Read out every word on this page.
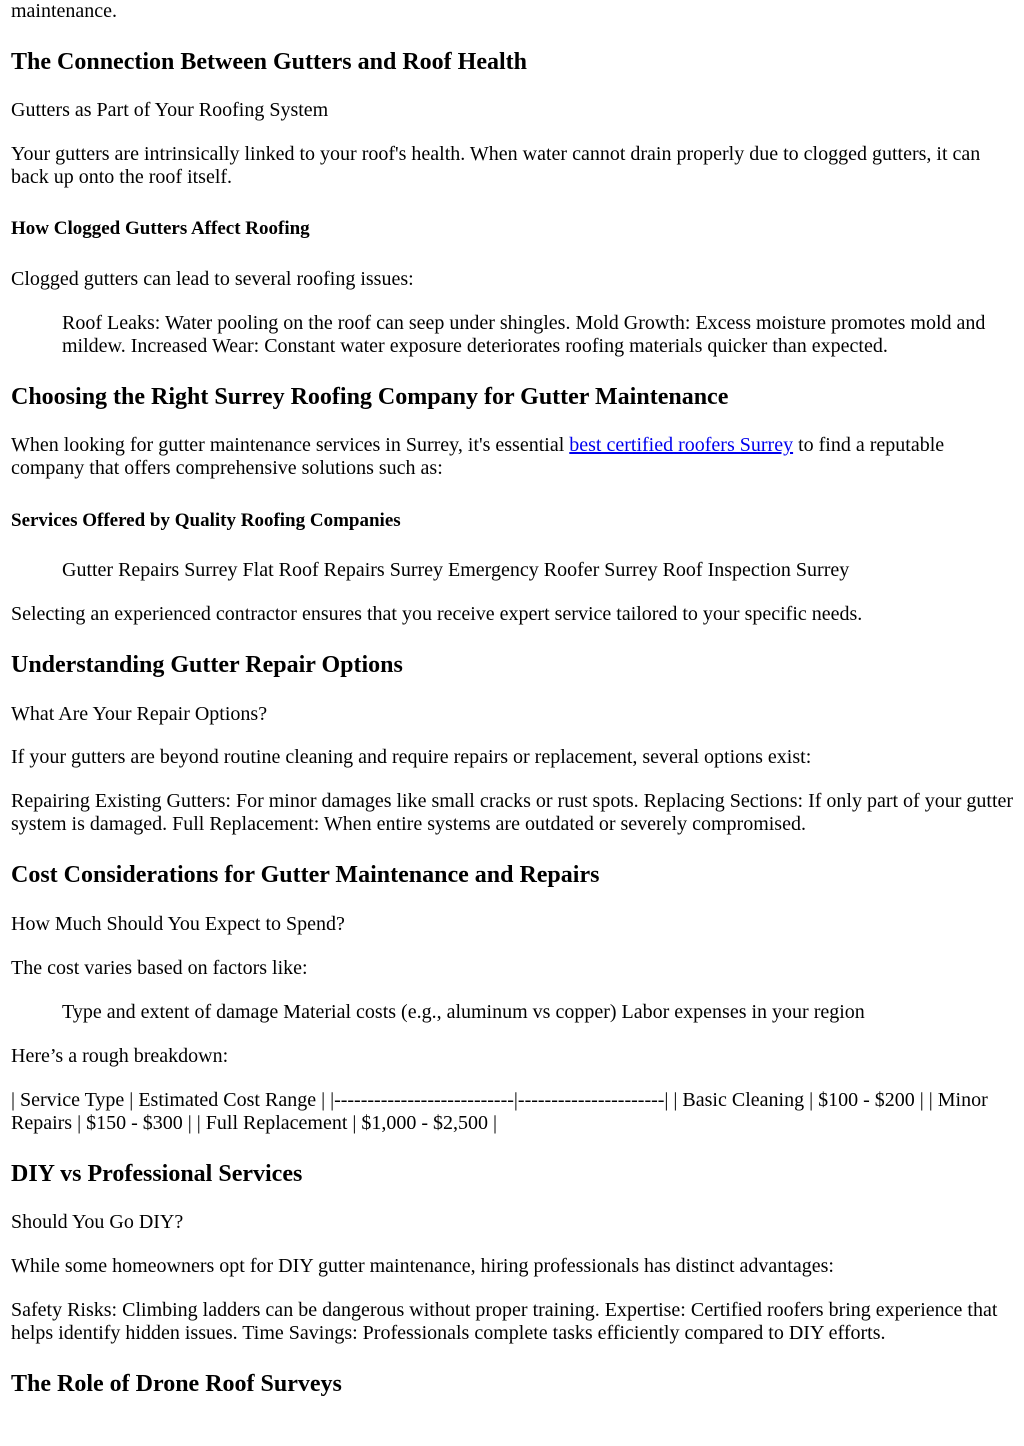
maintenance.

The Connection Between Gutters and Roof Health

Gutters as Part of Your Roofing System

Your gutters are intrinsically linked to your roof's health. When water cannot drain properly due to clogged gutters, it can back up onto the roof itself.

How Clogged Gutters Affect Roofing

Clogged gutters can lead to several roofing issues:

Roof Leaks: Water pooling on the roof can seep under shingles. Mold Growth: Excess moisture promotes mold and mildew. Increased Wear: Constant water exposure deteriorates roofing materials quicker than expected.

Choosing the Right Surrey Roofing Company for Gutter Maintenance

When looking for gutter maintenance services in Surrey, it's essential best certified roofers Surrey to find a reputable company that offers comprehensive solutions such as:

Services Offered by Quality Roofing Companies

Gutter Repairs Surrey Flat Roof Repairs Surrey Emergency Roofer Surrey Roof Inspection Surrey

Selecting an experienced contractor ensures that you receive expert service tailored to your specific needs.

Understanding Gutter Repair Options

What Are Your Repair Options?

If your gutters are beyond routine cleaning and require repairs or replacement, several options exist:

Repairing Existing Gutters: For minor damages like small cracks or rust spots. Replacing Sections: If only part of your gutter system is damaged. Full Replacement: When entire systems are outdated or severely compromised.

Cost Considerations for Gutter Maintenance and Repairs

How Much Should You Expect to Spend?

The cost varies based on factors like:

Type and extent of damage Material costs (e.g., aluminum vs copper) Labor expenses in your region

Here’s a rough breakdown:

| Service Type | Estimated Cost Range | |---------------------------|----------------------| | Basic Cleaning | $100 - $200 | | Minor Repairs | $150 - $300 | | Full Replacement | $1,000 - $2,500 |

DIY vs Professional Services

Should You Go DIY?

While some homeowners opt for DIY gutter maintenance, hiring professionals has distinct advantages:

Safety Risks: Climbing ladders can be dangerous without proper training. Expertise: Certified roofers bring experience that helps identify hidden issues. Time Savings: Professionals complete tasks efficiently compared to DIY efforts.

The Role of Drone Roof Surveys
